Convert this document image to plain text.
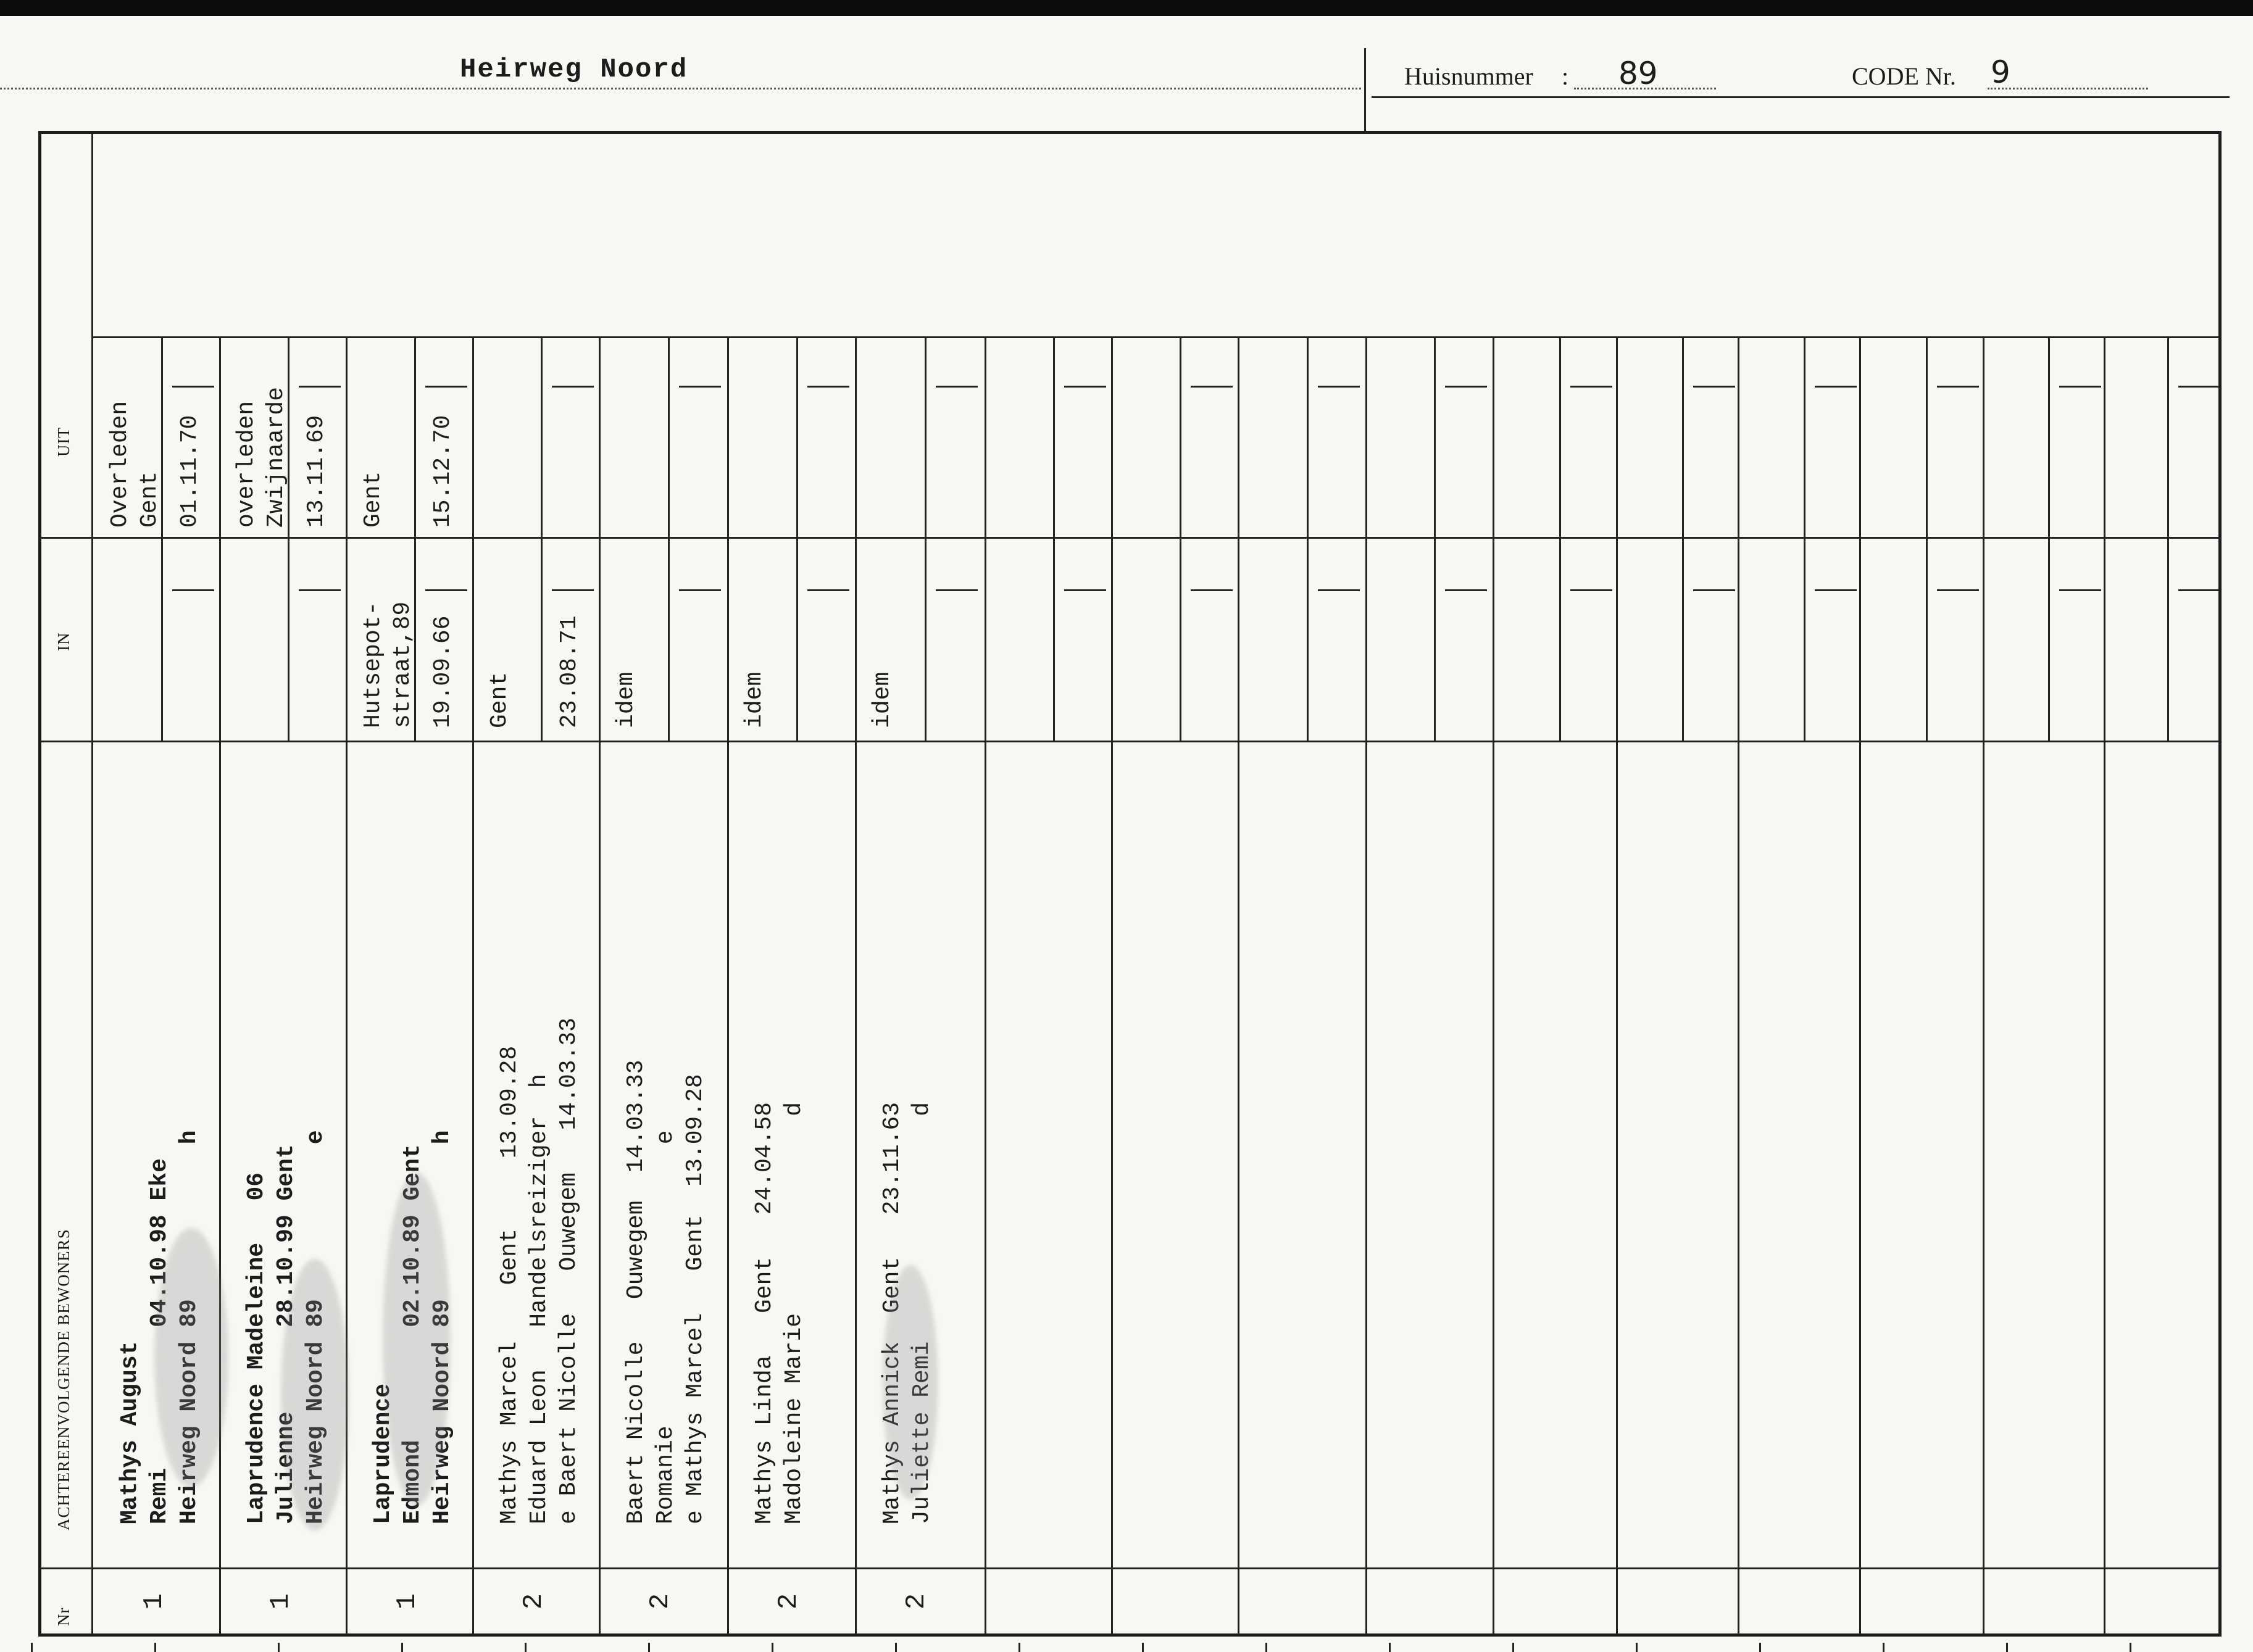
Heirweg Noord	Huisnummer : 89	CODE Nr. 9
Nr
ACHTEREENVOLGENDE BEWONERS
IN
UIT
1
Mathys August Remi          04.10.98 Eke Heirweg Noord 89           h
Overleden Gent 01.11.70
1
Laprudence Madeleine   06 Julienne      28.10.99 Gent Heirweg Noord 89           e
overleden Zwijnaarde 13.11.69
1
Laprudence Edmond        02.10.89 Gent Heirweg Noord 89           h
Hutsepot- straat,89 19.09.66
Gent 15.12.70
2
Mathys Marcel    Gent     13.09.28 Eduard Leon   Handelsreiziger  h e Baert Nicolle   Ouwegem   14.03.33
Gent 23.08.71
2
Baert Nicolle   Ouwegem  14.03.33 Romanie                    e e Mathys Marcel   Gent  13.09.28
idem
2
Mathys Linda   Gent   24.04.58 Madoleine Marie              d
idem
2
Mathys Annick  Gent   23.11.63 Juliette Remi                d
idem
